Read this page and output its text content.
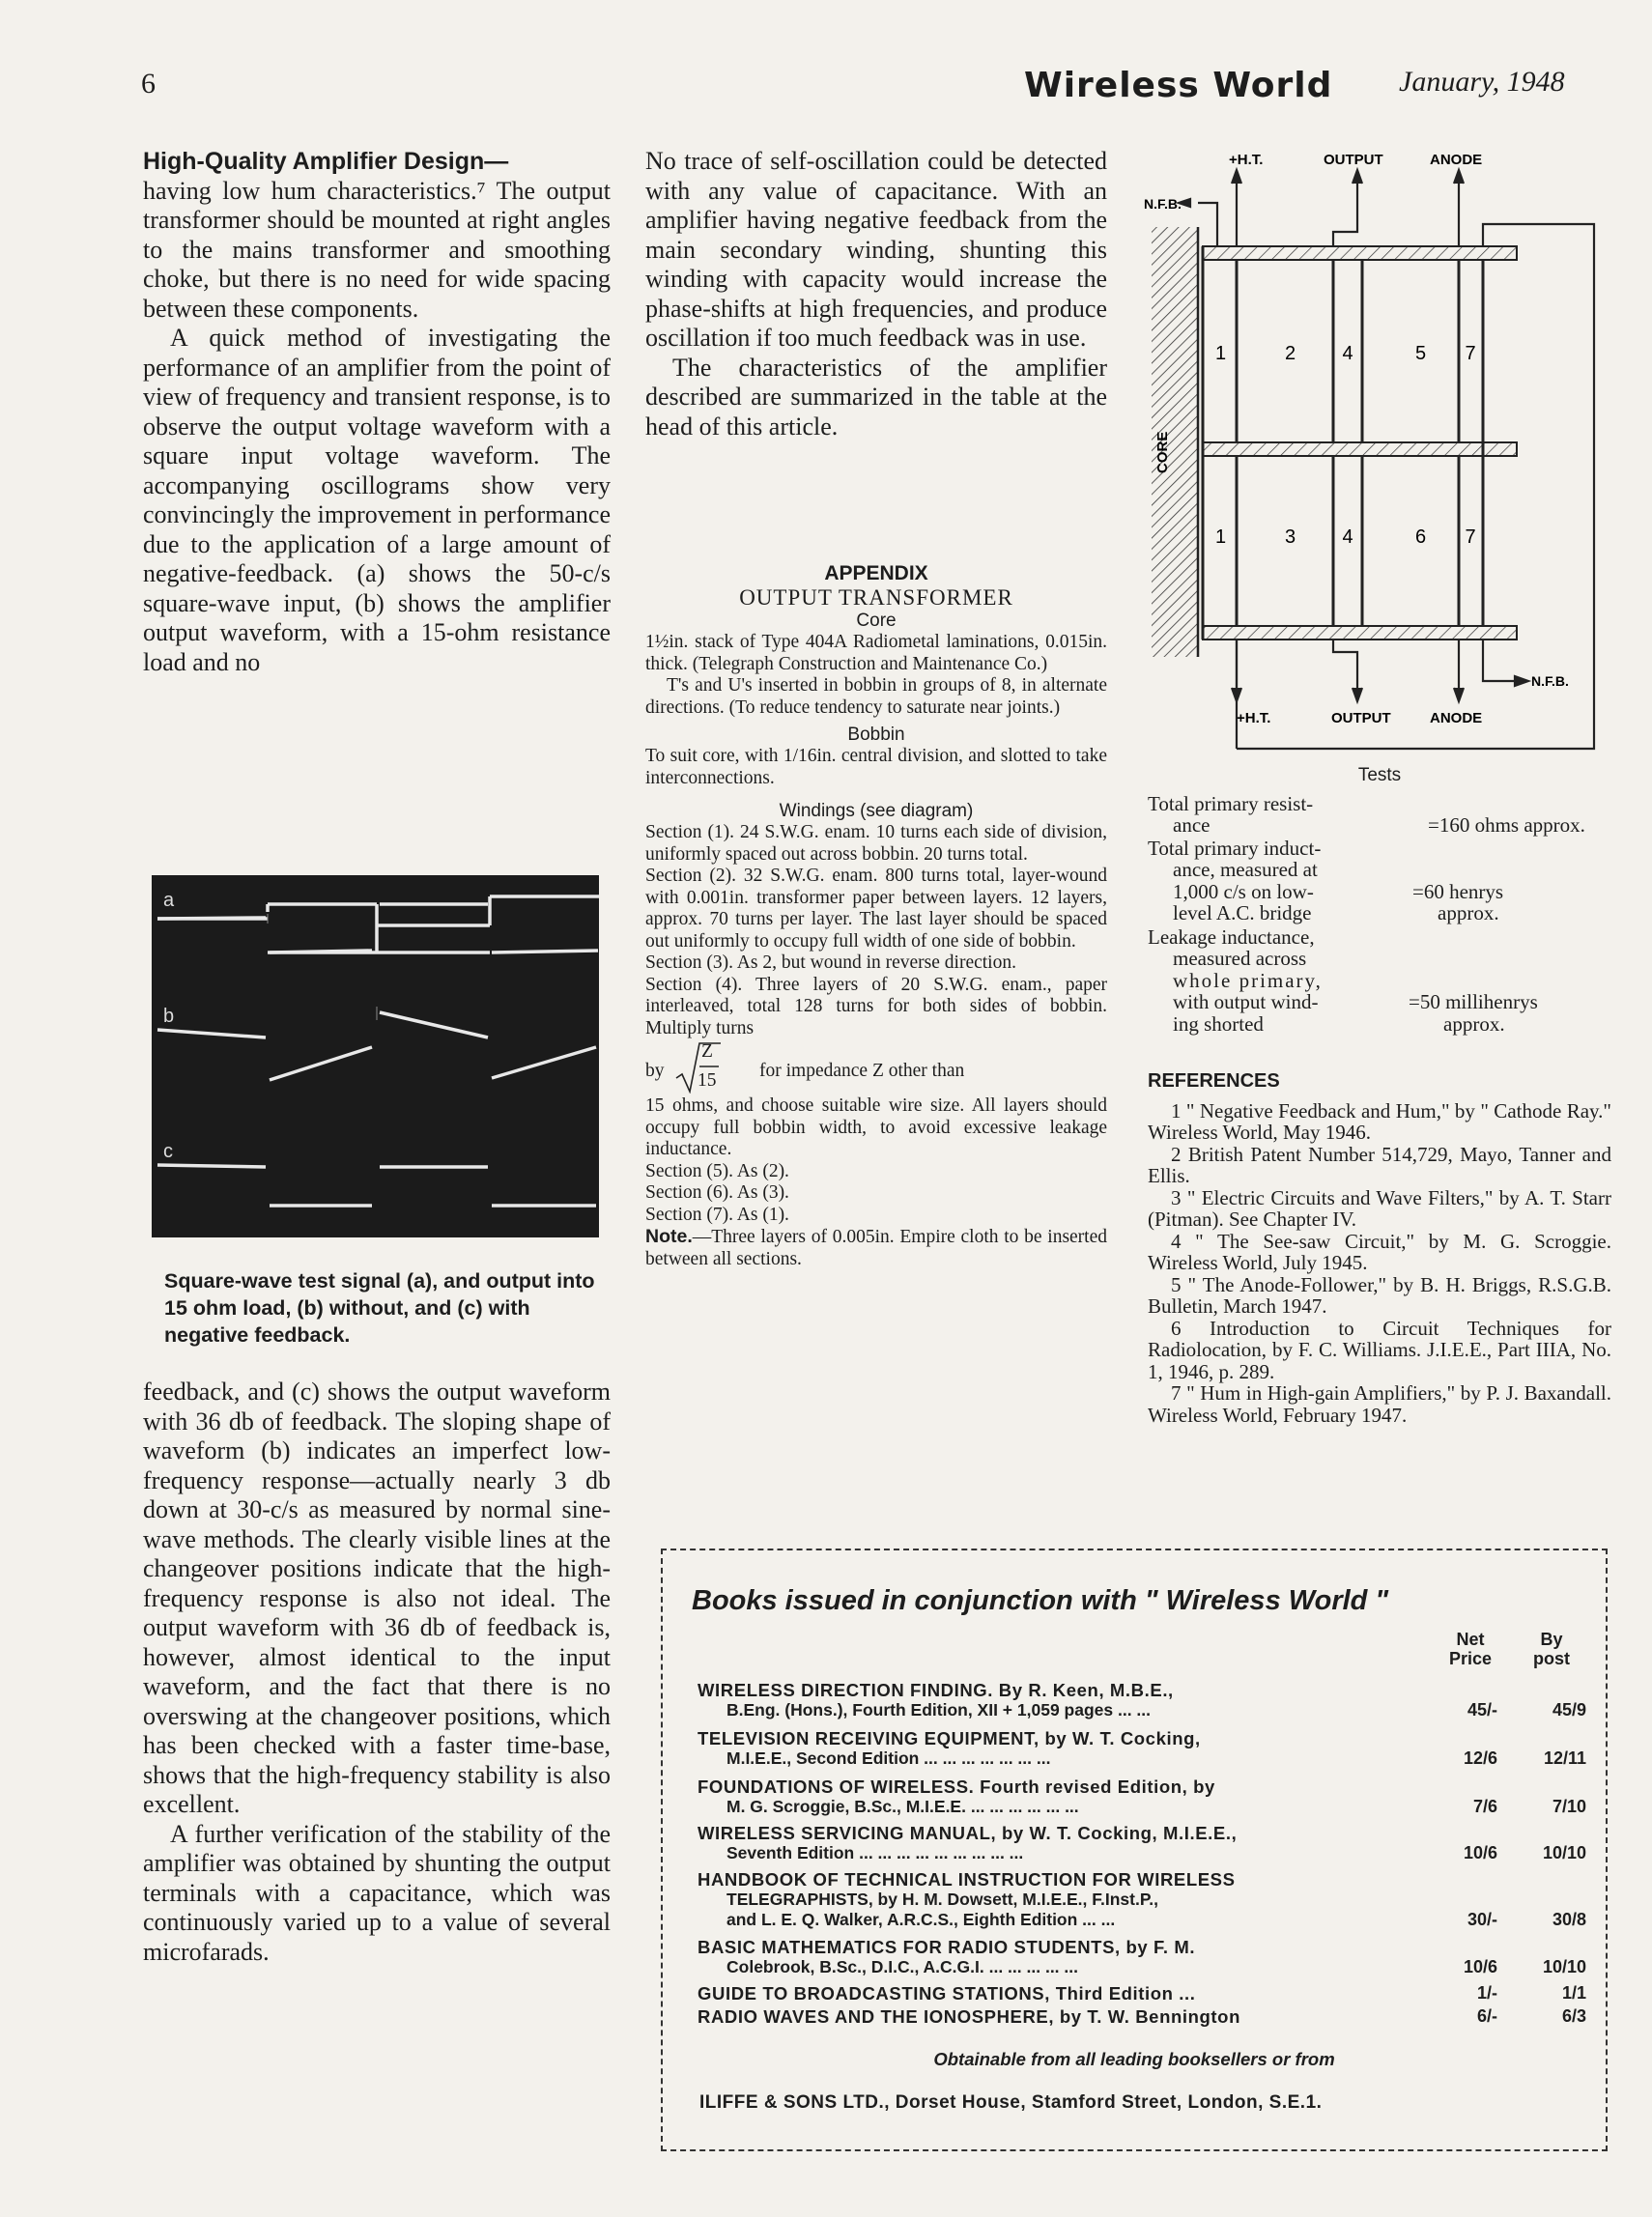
6	Wireless World January, 1948

High-Quality Amplifier Design—

having low hum characteristics.⁷ The output transformer should be mounted at right angles to the mains transformer and smoothing choke, but there is no need for wide spacing between these components.

A quick method of investigating the performance of an amplifier from the point of view of frequency and transient response, is to observe the output voltage waveform with a square input voltage waveform. The accompanying oscillograms show very convincingly the improvement in performance due to the application of a large amount of negative-feedback. (a) shows the 50-c/s square-wave input, (b) shows the amplifier output waveform, with a 15-ohm resistance load and no

a
b
c
Square-wave test signal (a), and output into 15 ohm load, (b) without, and (c) with negative feedback.

feedback, and (c) shows the output waveform with 36 db of feedback. The sloping shape of waveform (b) indicates an imperfect low-frequency response—actually nearly 3 db down at 30-c/s as measured by normal sine-wave methods. The clearly visible lines at the changeover positions indicate that the high-frequency response is also not ideal. The output waveform with 36 db of feedback is, however, almost identical to the input waveform, and the fact that there is no overswing at the changeover positions, which has been checked with a faster time-base, shows that the high-frequency stability is also excellent.

A further verification of the stability of the amplifier was obtained by shunting the output terminals with a capacitance, which was continuously varied up to a value of several microfarads.

No trace of self-oscillation could be detected with any value of capacitance. With an amplifier having negative feedback from the main secondary winding, shunting this winding with capacity would increase the phase-shifts at high frequencies, and produce oscillation if too much feedback was in use.

The characteristics of the amplifier described are summarized in the table at the head of this article.

APPENDIX

OUTPUT TRANSFORMER

Core

1½in. stack of Type 404A Radiometal laminations, 0.015in. thick. (Telegraph Construction and Maintenance Co.)

T's and U's inserted in bobbin in groups of 8, in alternate directions. (To reduce tendency to saturate near joints.)

Bobbin

To suit core, with 1/16in. central division, and slotted to take interconnections.

Windings (see diagram)

Section (1). 24 S.W.G. enam. 10 turns each side of division, uniformly spaced out across bobbin. 20 turns total.

Section (2). 32 S.W.G. enam. 800 turns total, layer-wound with 0.001in. transformer paper between layers. 12 layers, approx. 70 turns per layer. The last layer should be spaced out uniformly to occupy full width of one side of bobbin.

Section (3). As 2, but wound in reverse direction.

Section (4). Three layers of 20 S.W.G. enam., paper interleaved, total 128 turns for both sides of bobbin. Multiply turns

by
Z
15 for impedance Z other than

15 ohms, and choose suitable wire size. All layers should occupy full bobbin width, to avoid excessive leakage inductance.

Section (5). As (2).

Section (6). As (3).

Section (7). As (1).

Note.—Three layers of 0.005in. Empire cloth to be inserted between all sections.

CORE
1	2 4	5 7
1	3 4	6 7
+H.T.	OUTPUT	ANODE
N.F.B.
+H.T.	OUTPUT	ANODE
N.F.B.

Tests

Total primary resist-
ance	=160 ohms approx.
Total primary induct-
ance, measured at
1,000 c/s on low-
level A.C. bridge
=60 henrys
approx.
Leakage inductance,
measured across
whole primary,
with output wind-
ing shorted
=50 millihenrys
approx.

REFERENCES

1 " Negative Feedback and Hum," by " Cathode Ray." Wireless World, May 1946.

2 British Patent Number 514,729, Mayo, Tanner and Ellis.

3 " Electric Circuits and Wave Filters," by A. T. Starr (Pitman). See Chapter IV.

4 " The See-saw Circuit," by M. G. Scroggie. Wireless World, July 1945.

5 " The Anode-Follower," by B. H. Briggs, R.S.G.B. Bulletin, March 1947.

6 Introduction to Circuit Techniques for Radiolocation, by F. C. Williams. J.I.E.E., Part IIIA, No. 1, 1946, p. 289.

7 " Hum in High-gain Amplifiers," by P. J. Baxandall. Wireless World, February 1947.

Books issued in conjunction with " Wireless World "
Net
Price
By
post
WIRELESS DIRECTION FINDING. By R. Keen, M.B.E.,
B.Eng. (Hons.), Fourth Edition, XII + 1,059 pages ... ...	45/-	45/9
TELEVISION RECEIVING EQUIPMENT, by W. T. Cocking,
M.I.E.E., Second Edition ... ... ... ... ... ... ...	12/6	12/11
FOUNDATIONS OF WIRELESS. Fourth revised Edition, by
M. G. Scroggie, B.Sc., M.I.E.E. ... ... ... ... ... ...	7/6	7/10
WIRELESS SERVICING MANUAL, by W. T. Cocking, M.I.E.E.,
Seventh Edition ... ... ... ... ... ... ... ... ...	10/6	10/10
HANDBOOK OF TECHNICAL INSTRUCTION FOR WIRELESS
TELEGRAPHISTS, by H. M. Dowsett, M.I.E.E., F.Inst.P.,
and L. E. Q. Walker, A.R.C.S., Eighth Edition ... ...	30/-	30/8
BASIC MATHEMATICS FOR RADIO STUDENTS, by F. M.
Colebrook, B.Sc., D.I.C., A.C.G.I. ... ... ... ... ...	10/6	10/10
GUIDE TO BROADCASTING STATIONS, Third Edition ...	1/-	1/1
RADIO WAVES AND THE IONOSPHERE, by T. W. Bennington	6/-	6/3
Obtainable from all leading booksellers or from
ILIFFE & SONS LTD., Dorset House, Stamford Street, London, S.E.1.
